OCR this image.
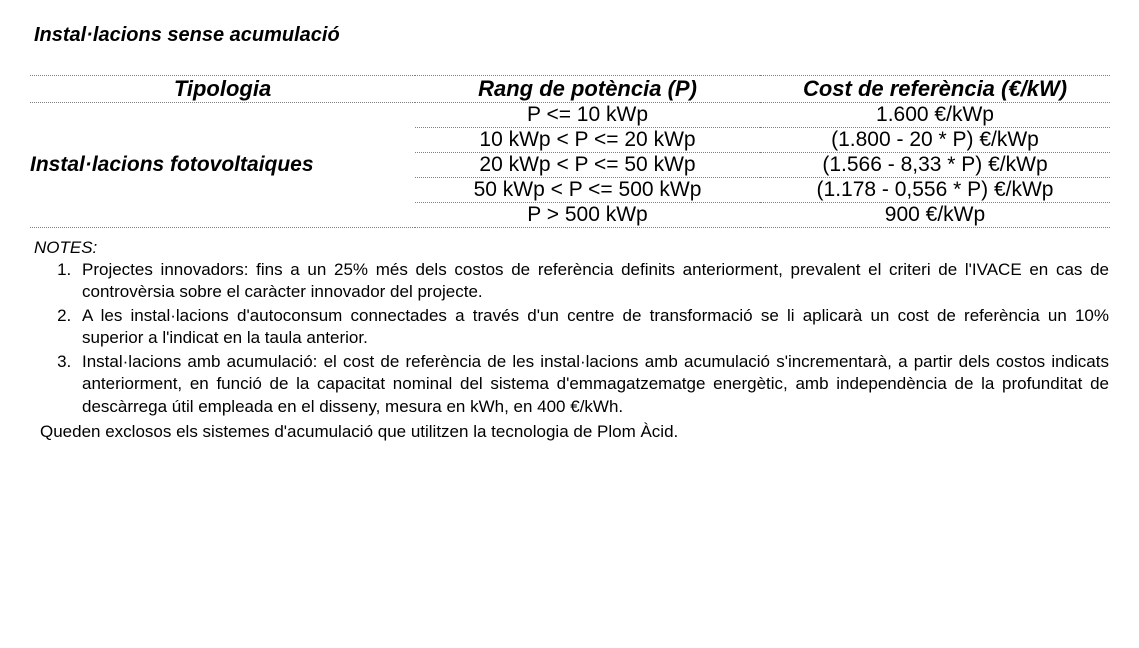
Instal·lacions sense acumulació
Tipologia	Rang de potència (P)	Cost de referència (€/kW)
Instal·lacions fotovoltaiques	P <= 10 kWp	1.600 €/kWp
	10 kWp < P <= 20 kWp	(1.800 - 20 * P) €/kWp
	20 kWp < P <= 50 kWp	(1.566 - 8,33 * P) €/kWp
	50 kWp < P <= 500 kWp	(1.178 - 0,556 * P) €/kWp
	P > 500 kWp	900 €/kWp
NOTES:
1. Projectes innovadors: fins a un 25% més dels costos de referència definits anteriorment, prevalent el criteri de l'IVACE en cas de controvèrsia sobre el caràcter innovador del projecte.
2. A les instal·lacions d'autoconsum connectades a través d'un centre de transformació se li aplicarà un cost de referència un 10% superior a l'indicat en la taula anterior.
3. Instal·lacions amb acumulació: el cost de referència de les instal·lacions amb acumulació s'incrementarà, a partir dels costos indicats anteriorment, en funció de la capacitat nominal del sistema d'emmagatzematge energètic, amb independència de la profunditat de descàrrega útil empleada en el disseny, mesura en kWh, en 400 €/kWh.
Queden exclosos els sistemes d'acumulació que utilitzen la tecnologia de Plom Àcid.
